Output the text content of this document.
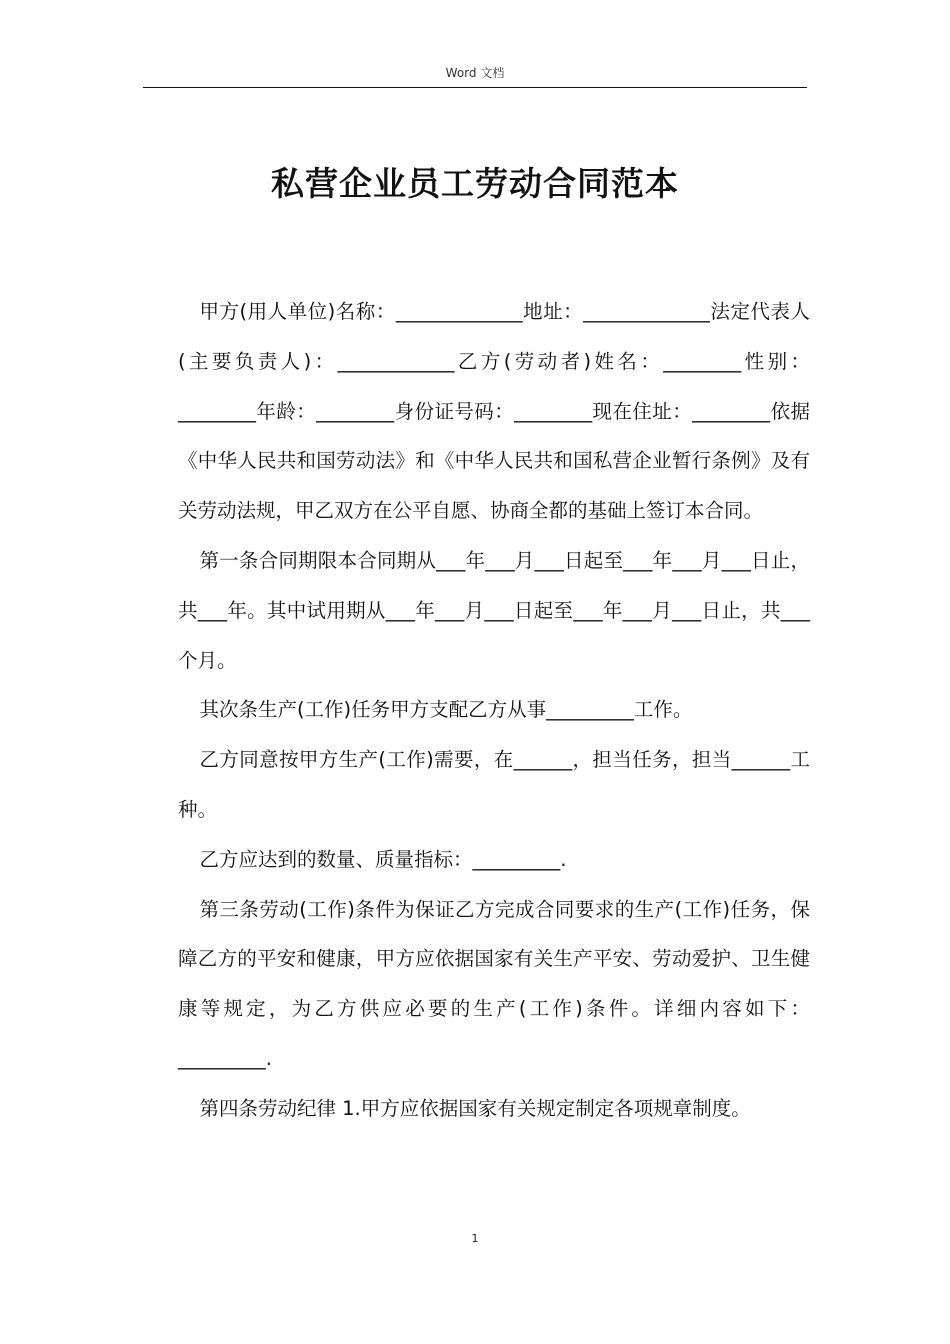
Word 文档
私营企业员工劳动合同范本

甲方(用人单位)名称：_____________地址：_____________法定代表人(主要负责人)：____________乙方(劳动者)姓名：________性别：________年龄：________身份证号码：________现在住址：________依据《中华人民共和国劳动法》和《中华人民共和国私营企业暂行条例》及有关劳动法规，甲乙双方在公平自愿、协商全都的基础上签订本合同。

第一条合同期限本合同期从___年___月___日起至___年___月___日止，共___年。其中试用期从___年___月___日起至___年___月___日止，共___个月。

其次条生产(工作)任务甲方支配乙方从事_________工作。

乙方同意按甲方生产(工作)需要，在______，担当任务，担当______工种。

乙方应达到的数量、质量指标：_________.

第三条劳动(工作)条件为保证乙方完成合同要求的生产(工作)任务，保障乙方的平安和健康，甲方应依据国家有关生产平安、劳动爱护、卫生健康等规定，为乙方供应必要的生产(工作)条件。详细内容如下：_________.

第四条劳动纪律 1.甲方应依据国家有关规定制定各项规章制度。

1
